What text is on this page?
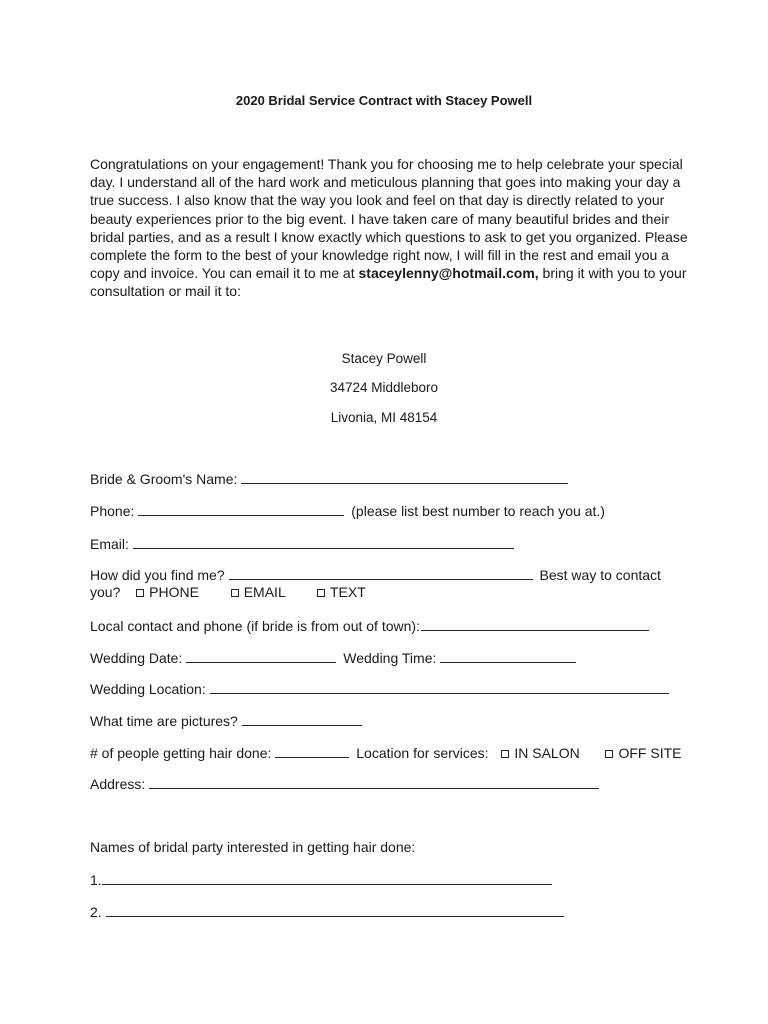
2020 Bridal Service Contract with Stacey Powell
Congratulations on your engagement! Thank you for choosing me to help celebrate your special day. I understand all of the hard work and meticulous planning that goes into making your day a true success. I also know that the way you look and feel on that day is directly related to your beauty experiences prior to the big event. I have taken care of many beautiful brides and their bridal parties, and as a result I know exactly which questions to ask to get you organized. Please complete the form to the best of your knowledge right now, I will fill in the rest and email you a copy and invoice. You can email it to me at staceylenny@hotmail.com, bring it with you to your consultation or mail it to:
Stacey Powell
34724 Middleboro
Livonia, MI 48154
Bride & Groom's Name:
Phone:	(please list best number to reach you at.)
Email:
How did you find me?	Best way to contact
you? PHONE	EMAIL	TEXT
Local contact and phone (if bride is from out of town):
Wedding Date:	Wedding Time:
Wedding Location:
What time are pictures?
# of people getting hair done:	Location for services: IN SALON	OFF SITE
Address:
Names of bridal party interested in getting hair done:
1.
2.
